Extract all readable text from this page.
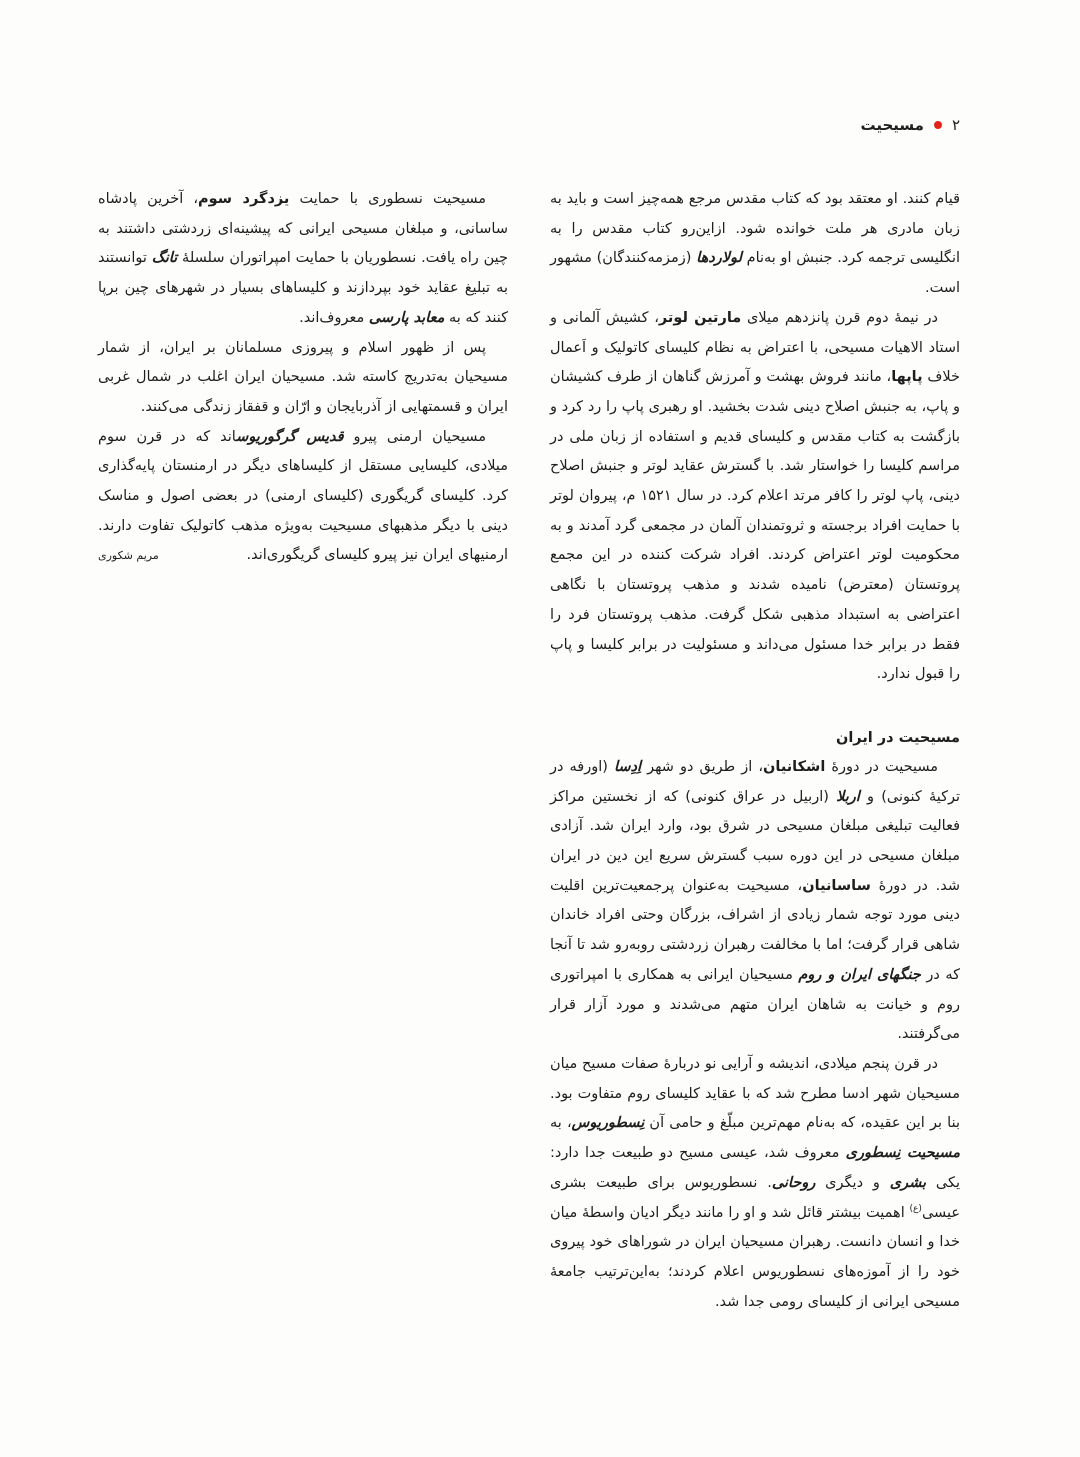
۲
مسیحیت

قیام کنند. او معتقد بود که کتاب مقدس مرجع همه‌چیز است و باید به زبان مادری هر ملت خوانده شود. ازاین‌رو کتاب مقدس را به انگلیسی ترجمه کرد. جنبش او به‌نام لولاردها (زمزمه‌کنندگان) مشهور است.

در نیمهٔ دوم قرن پانزدهم میلای مارتین لوتر، کشیش آلمانی و استاد الاهیات مسیحی، با اعتراض به نظام کلیسای کاتولیک و اَعمال خلاف پاپها، مانند فروش بهشت و آمرزش گناهان از طرف کشیشان و پاپ، به جنبش اصلاح دینی شدت بخشید. او رهبری پاپ را رد کرد و بازگشت به کتاب مقدس و کلیسای قدیم و استفاده از زبان ملی در مراسم کلیسا را خواستار شد. با گسترش عقاید لوتر و جنبش اصلاح دینی، پاپ لوتر را کافر مرتد اعلام کرد. در سال ۱۵۲۱ م، پیروان لوتر با حمایت افراد برجسته و ثروتمندان آلمان در مجمعی گرد آمدند و به محکومیت لوتر اعتراض کردند. افراد شرکت کننده در این مجمع پروتستان (معترض) نامیده شدند و مذهب پروتستان با نگاهی اعتراضی به استبداد مذهبی شکل گرفت. مذهب پروتستان فرد را فقط در برابر خدا مسئول می‌داند و مسئولیت در برابر کلیسا و پاپ را قبول ندارد.

مسیحیت در ایران

مسیحیت در دورهٔ اشکانیان، از طریق دو شهر اِدِسا (اورفه در ترکیهٔ کنونی) و اربلا (اربیل در عراق کنونی) که از نخستین مراکز فعالیت تبلیغی مبلغان مسیحی در شرق بود، وارد ایران شد. آزادی مبلغان مسیحی در این دوره سبب گسترش سریع این دین در ایران شد. در دورهٔ ساسانیان، مسیحیت به‌عنوان پرجمعیت‌ترین اقلیت دینی مورد توجه شمار زیادی از اشراف، بزرگان وحتی افراد خاندان شاهی قرار گرفت؛ اما با مخالفت رهبران زردشتی روبه‌رو شد تا آنجا که در جنگهای ایران و روم مسیحیان ایرانی به همکاری با امپراتوری روم و خیانت به شاهان ایران متهم می‌شدند و مورد آزار قرار می‌گرفتند.

در قرن پنجم میلادی، اندیشه و آرایی نو دربارهٔ صفات مسیح میان مسیحیان شهر ادسا مطرح شد که با عقاید کلیسای روم متفاوت بود. بنا بر این عقیده، که به‌نام مهم‌ترین مبلّغ و حامی آن نِسطوریوس، به مسیحیت نِسطوری معروف شد، عیسی مسیح دو طبیعت جدا دارد: یکی بشری و دیگری روحانی. نسطوریوس برای طبیعت بشری عیسی$^{(ع)}$ اهمیت بیشتر قائل شد و او را مانند دیگر ادیان واسطهٔ میان خدا و انسان دانست. رهبران مسیحیان ایران در شوراهای خود پیروی خود را از آموزه‌های نسطوریوس اعلام کردند؛ به‌این‌ترتیب جامعهٔ مسیحی ایرانی از کلیسای رومی جدا شد.

مسیحیت نسطوری با حمایت یزدگرد سوم، آخرین پادشاه ساسانی، و مبلغان مسیحی ایرانی که پیشینه‌ای زردشتی داشتند به چین راه یافت. نسطوریان با حمایت امپراتوران سلسلهٔ تانگ توانستند به تبلیغ عقاید خود بپردازند و کلیساهای بسیار در شهرهای چین برپا کنند که به معابد پارسی معروف‌اند.

پس از ظهور اسلام و پیروزی مسلمانان بر ایران، از شمار مسیحیان به‌تدریج کاسته شد. مسیحیان ایران اغلب در شمال غربی ایران و قسمتهایی از آذربایجان و ارّان و قفقاز زندگی می‌کنند.

مسیحیان ارمنی پیرو قدیس گرگوریوساند که در قرن سوم میلادی، کلیسایی مستقل از کلیساهای دیگر در ارمنستان پایه‌گذاری کرد. کلیسای گریگوری (کلیسای ارمنی) در بعضی اصول و مناسک دینی با دیگر مذهبهای مسیحیت به‌ویژه مذهب کاتولیک تفاوت دارند. ارمنیهای ایران نیز پیرو کلیسای گریگوری‌اند.
مریم شکوری
